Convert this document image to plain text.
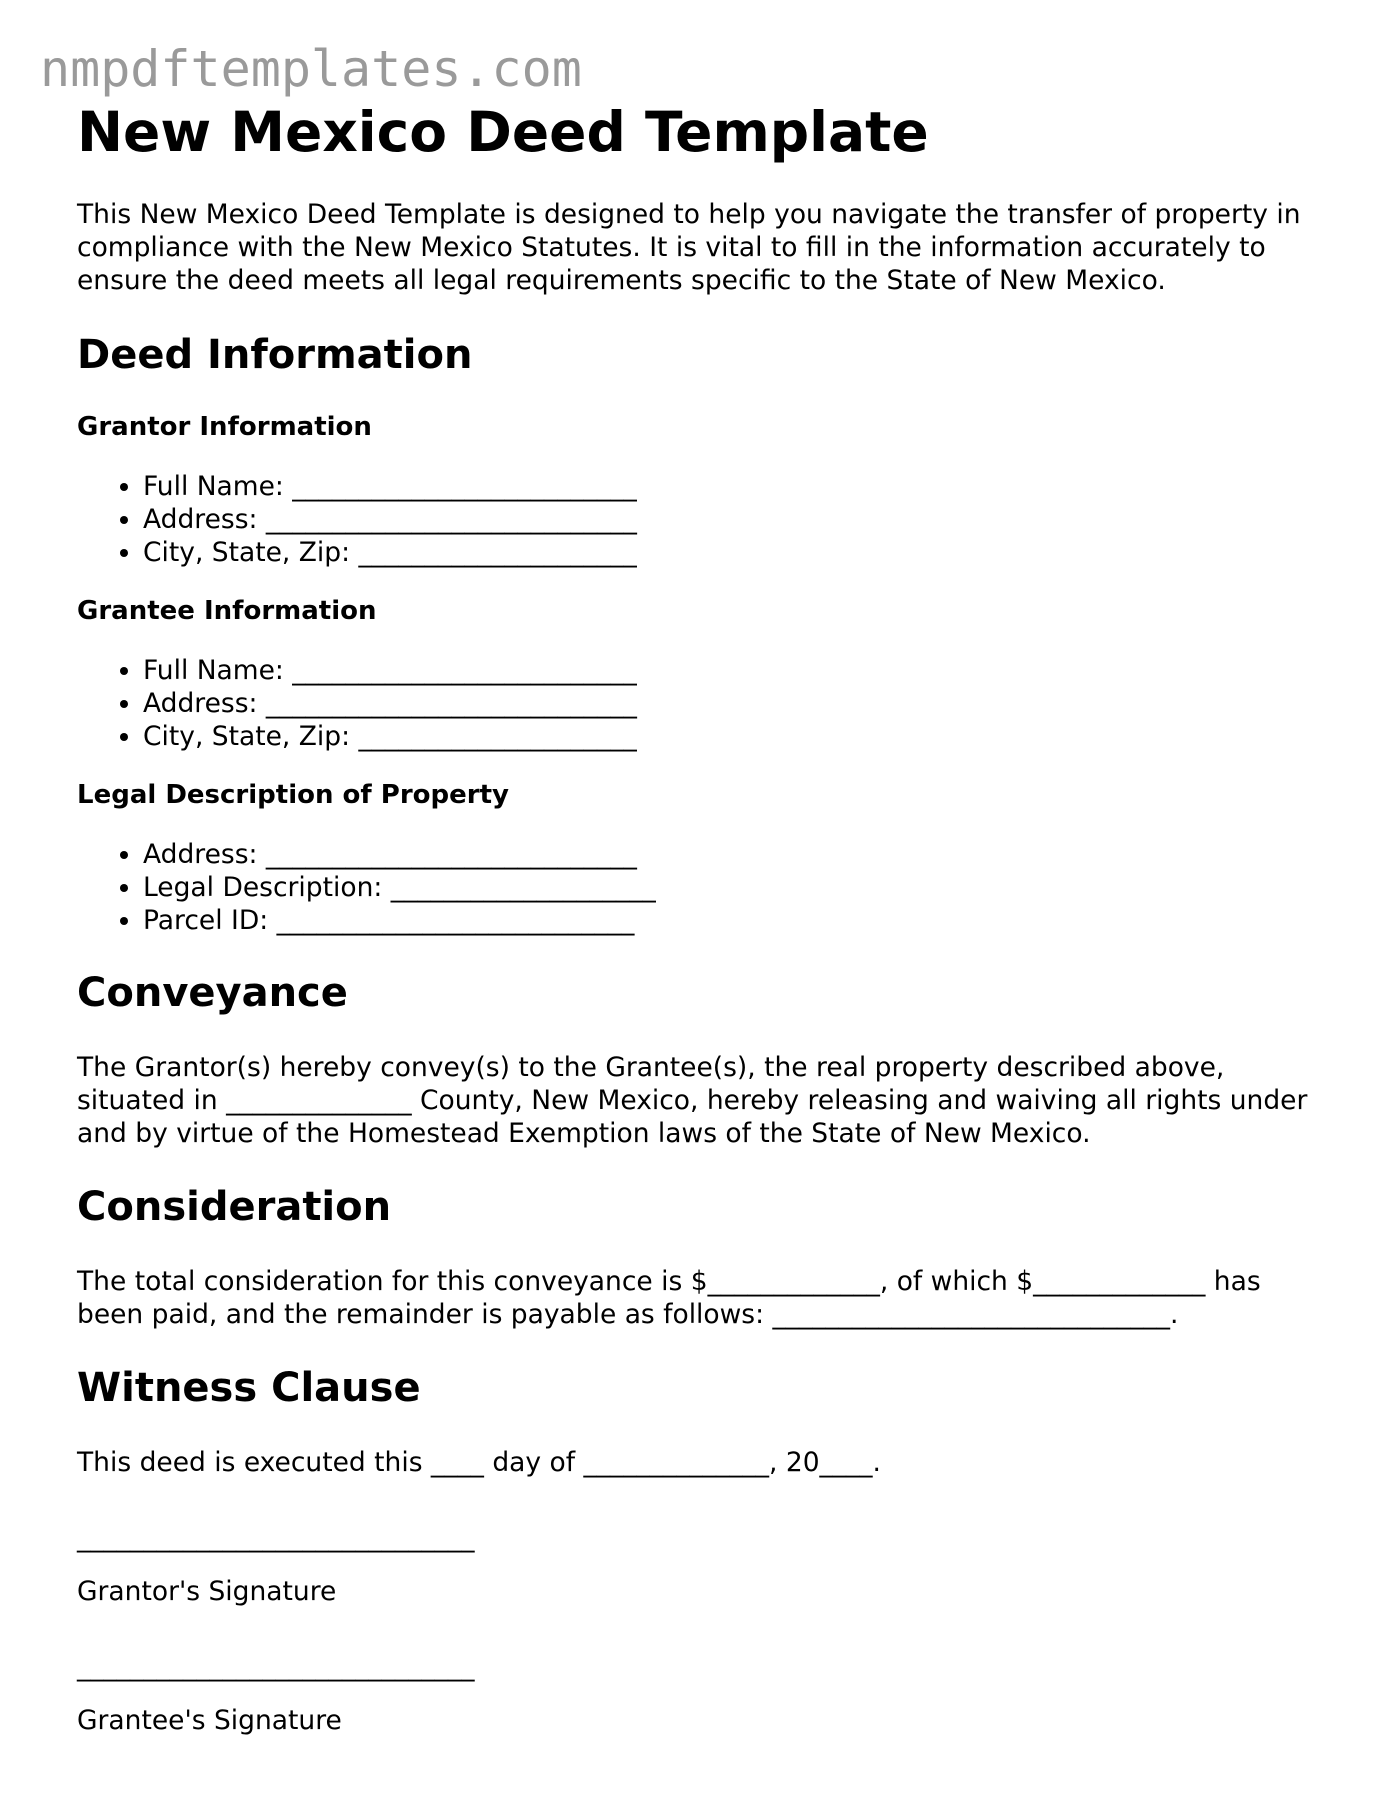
nmpdftemplates.com
New Mexico Deed Template

This New Mexico Deed Template is designed to help you navigate the transfer of property in compliance with the New Mexico Statutes. It is vital to fill in the information accurately to ensure the deed meets all legal requirements specific to the State of New Mexico.

Deed Information
Grantor Information
• Full Name: __________________________
• Address: ____________________________
• City, State, Zip: _____________________
Grantee Information
• Full Name: __________________________
• Address: ____________________________
• City, State, Zip: _____________________
Legal Description of Property
• Address: ____________________________
• Legal Description: ____________________
• Parcel ID: ___________________________
Conveyance

The Grantor(s) hereby convey(s) to the Grantee(s), the real property described above, situated in ______________ County, New Mexico, hereby releasing and waiving all rights under and by virtue of the Homestead Exemption laws of the State of New Mexico.

Consideration

The total consideration for this conveyance is $_____________, of which $_____________ has been paid, and the remainder is payable as follows: ______________________________.

Witness Clause

This deed is executed this ____ day of ______________, 20____.

______________________________

Grantor's Signature

______________________________

Grantee's Signature
